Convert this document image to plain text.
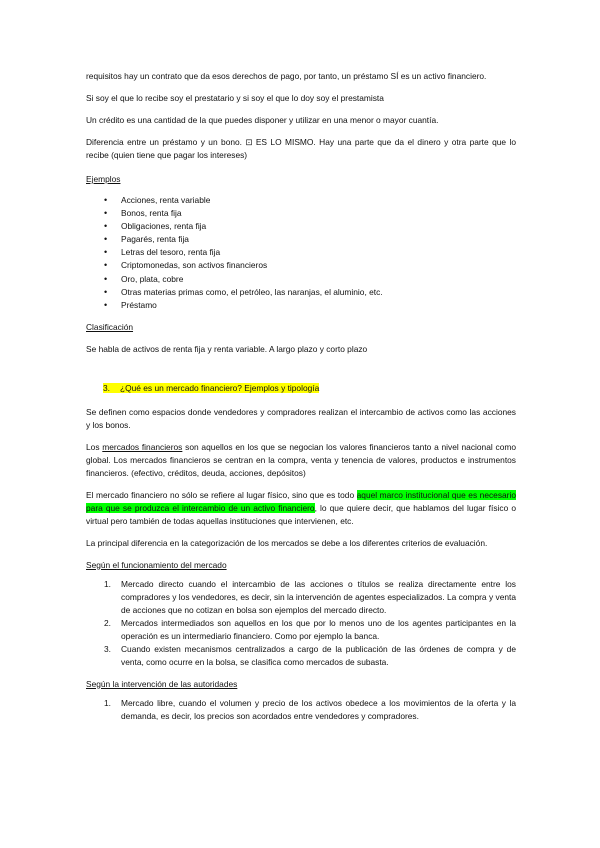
requisitos hay un contrato que da esos derechos de pago, por tanto, un préstamo SÍ es un activo financiero.

Si soy el que lo recibe soy el prestatario y si soy el que lo doy soy el prestamista

Un crédito es una cantidad de la que puedes disponer y utilizar en una menor o mayor cuantía.

Diferencia entre un préstamo y un bono. ⊡ ES LO MISMO. Hay una parte que da el dinero y otra parte que lo recibe (quien tiene que pagar los intereses)

Ejemplos

• Acciones, renta variable
• Bonos, renta fija
• Obligaciones, renta fija
• Pagarés, renta fija
• Letras del tesoro, renta fija
• Criptomonedas, son activos financieros
• Oro, plata, cobre
• Otras materias primas como, el petróleo, las naranjas, el aluminio, etc.
• Préstamo

Clasificación

Se habla de activos de renta fija y renta variable. A largo plazo y corto plazo

3. ¿Qué es un mercado financiero? Ejemplos y tipología

Se definen como espacios donde vendedores y compradores realizan el intercambio de activos como las acciones y los bonos.

Los mercados financieros son aquellos en los que se negocian los valores financieros tanto a nivel nacional como global. Los mercados financieros se centran en la compra, venta y tenencia de valores, productos e instrumentos financieros. (efectivo, créditos, deuda, acciones, depósitos)

El mercado financiero no sólo se refiere al lugar físico, sino que es todo aquel marco institucional que es necesario para que se produzca el intercambio de un activo financiero, lo que quiere decir, que hablamos del lugar físico o virtual pero también de todas aquellas instituciones que intervienen, etc.

La principal diferencia en la categorización de los mercados se debe a los diferentes criterios de evaluación.

Según el funcionamiento del mercado

1. Mercado directo cuando el intercambio de las acciones o títulos se realiza directamente entre los compradores y los vendedores, es decir, sin la intervención de agentes especializados. La compra y venta de acciones que no cotizan en bolsa son ejemplos del mercado directo.
2. Mercados intermediados son aquellos en los que por lo menos uno de los agentes participantes en la operación es un intermediario financiero. Como por ejemplo la banca.
3. Cuando existen mecanismos centralizados a cargo de la publicación de las órdenes de compra y de venta, como ocurre en la bolsa, se clasifica como mercados de subasta.

Según la intervención de las autoridades

1. Mercado libre, cuando el volumen y precio de los activos obedece a los movimientos de la oferta y la demanda, es decir, los precios son acordados entre vendedores y compradores.
